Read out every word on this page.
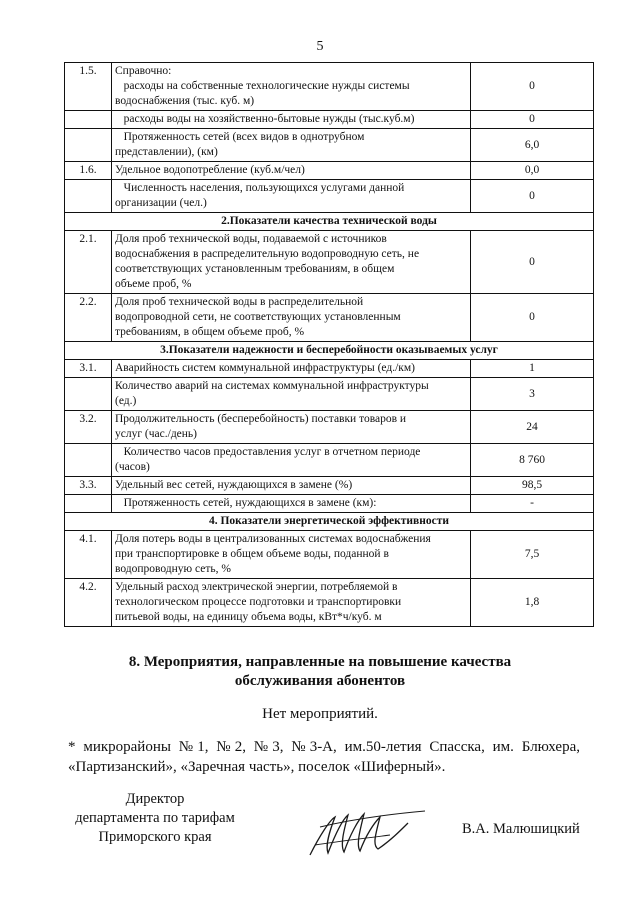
5
1.5.	Справочно:
расходы на собственные технологические нужды системы
водоснабжения (тыс. куб. м)	0

	расходы воды на хозяйственно-бытовые нужды (тыс.куб.м)	0

	Протяженность сетей (всех видов в однотрубном
представлении), (км)	6,0
1.6.	Удельное водопотребление (куб.м/чел)	0,0

	Численность населения, пользующихся услугами данной
организации (чел.)	0
2.Показатели качества технической воды		
2.1.	Доля проб технической воды, подаваемой с источников
водоснабжения в распределительную водопроводную сеть, не
соответствующих установленным требованиям, в общем
объеме проб, %	0
2.2.	Доля проб технической воды в распределительной
водопроводной сети, не соответствующих установленным
требованиям, в общем объеме проб, %	0
3.Показатели надежности и бесперебойности оказываемых услуг		
3.1.	Аварийность систем коммунальной инфраструктуры (ед./км)	1

	Количество аварий на системах коммунальной инфраструктуры
(ед.)	3
3.2.	Продолжительность (бесперебойность) поставки товаров и
услуг (час./день)	24

	Количество часов предоставления услуг в отчетном периоде
(часов)	8 760
3.3.	Удельный вес сетей, нуждающихся в замене (%)	98,5

	Протяженность сетей, нуждающихся в замене (км):	-
4. Показатели энергетической эффективности		
4.1.	Доля потерь воды в централизованных системах водоснабжения
при транспортировке в общем объеме воды, поданной в
водопроводную сеть, %	7,5
4.2.	Удельный расход электрической энергии, потребляемой в
технологическом процессе подготовки и транспортировки
питьевой воды, на единицу объема воды, кВт*ч/куб. м	1,8
8. Мероприятия, направленные на повышение качества
обслуживания абонентов
Нет мероприятий.
* микрорайоны №1, №2, №3, №3-А, им.50-летия Спасска, им. Блюхера, «Партизанский», «Заречная часть», поселок «Шиферный».
Директор
департамента по тарифам
Приморского края	В.А. Малюшицкий
